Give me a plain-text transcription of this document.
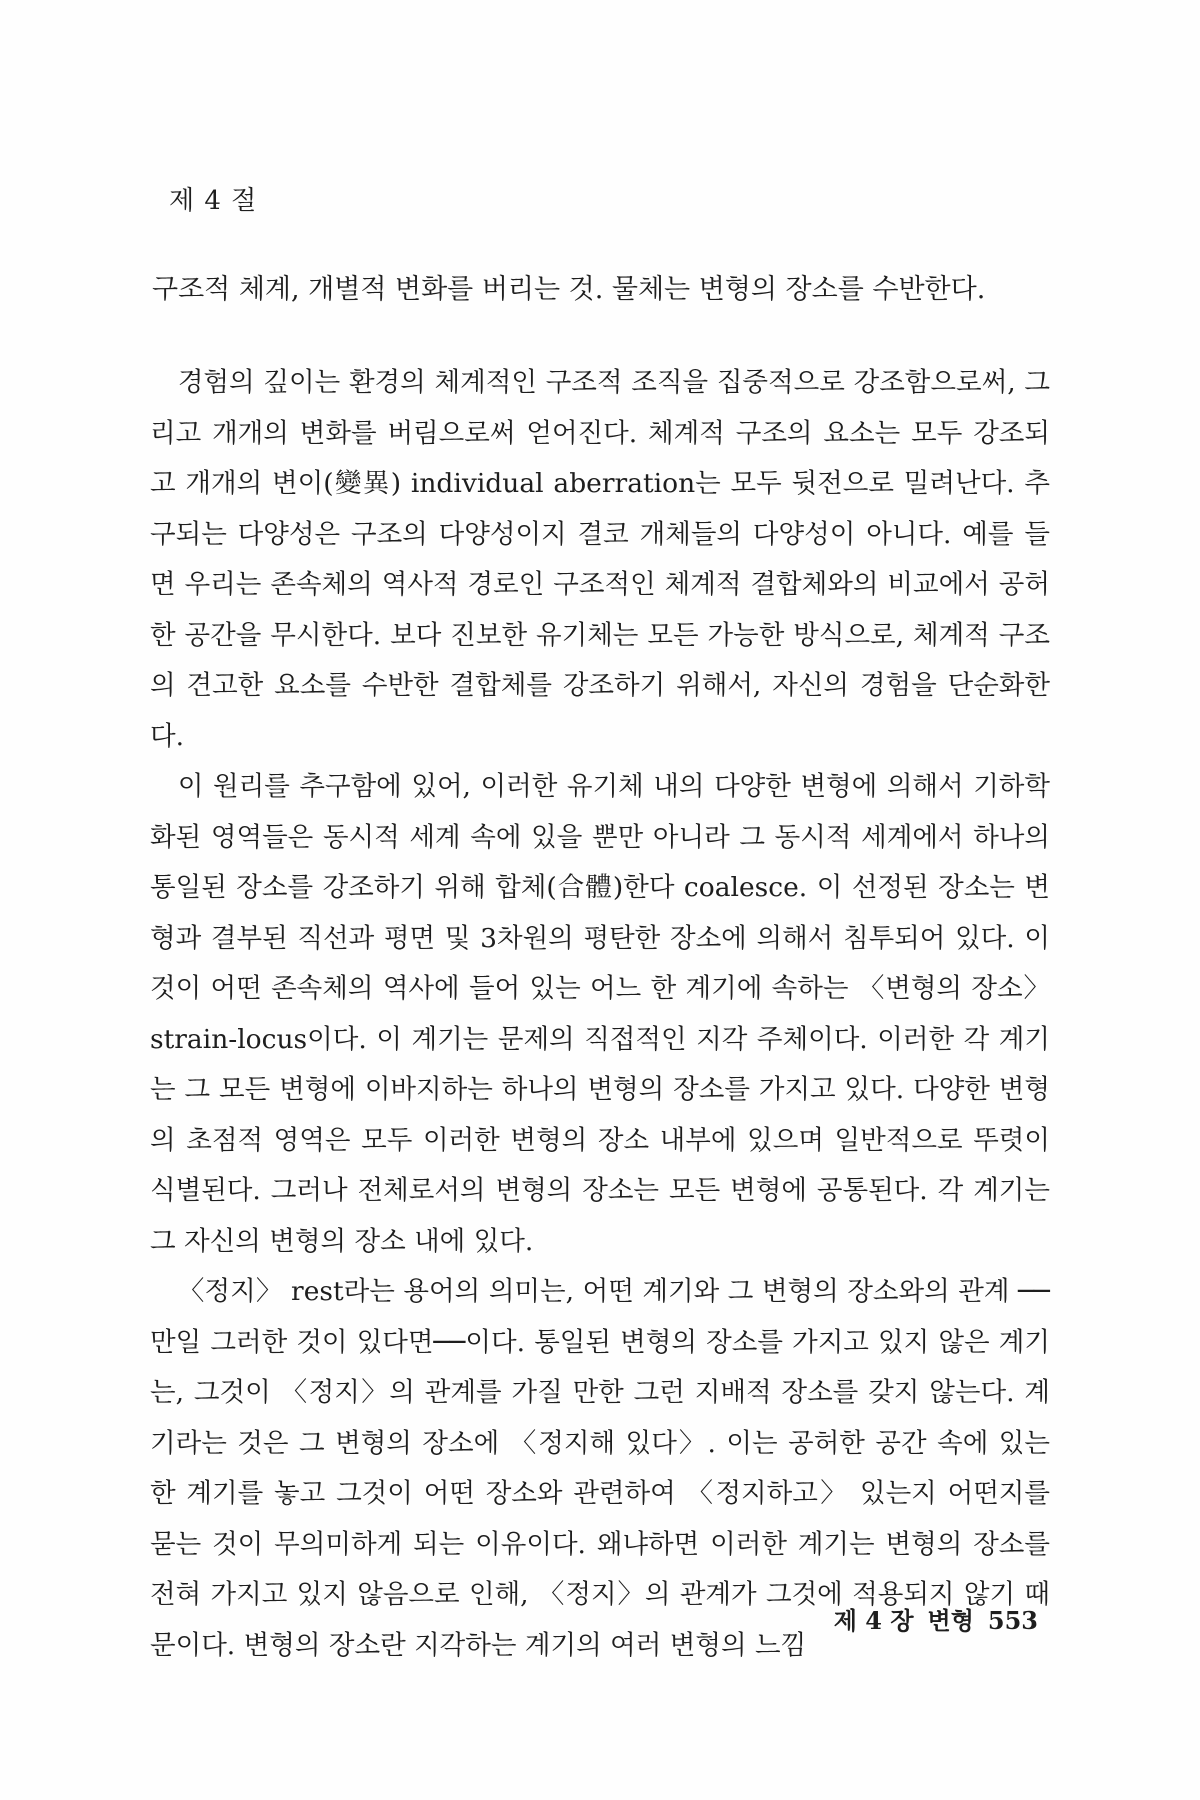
제 4 절
구조적 체계, 개별적 변화를 버리는 것. 물체는 변형의 장소를 수반한다.

경험의 깊이는 환경의 체계적인 구조적 조직을 집중적으로 강조함으로써, 그리고 개개의 변화를 버림으로써 얻어진다. 체계적 구조의 요소는 모두 강조되고 개개의 변이(變異) individual aberration는 모두 뒷전으로 밀려난다. 추구되는 다양성은 구조의 다양성이지 결코 개체들의 다양성이 아니다. 예를 들면 우리는 존속체의 역사적 경로인 구조적인 체계적 결합체와의 비교에서 공허한 공간을 무시한다. 보다 진보한 유기체는 모든 가능한 방식으로, 체계적 구조의 견고한 요소를 수반한 결합체를 강조하기 위해서, 자신의 경험을 단순화한다.

이 원리를 추구함에 있어, 이러한 유기체 내의 다양한 변형에 의해서 기하학화된 영역들은 동시적 세계 속에 있을 뿐만 아니라 그 동시적 세계에서 하나의 통일된 장소를 강조하기 위해 합체(合體)한다 coalesce. 이 선정된 장소는 변형과 결부된 직선과 평면 및 3차원의 평탄한 장소에 의해서 침투되어 있다. 이것이 어떤 존속체의 역사에 들어 있는 어느 한 계기에 속하는 〈변형의 장소〉 strain-locus이다. 이 계기는 문제의 직접적인 지각 주체이다. 이러한 각 계기는 그 모든 변형에 이바지하는 하나의 변형의 장소를 가지고 있다. 다양한 변형의 초점적 영역은 모두 이러한 변형의 장소 내부에 있으며 일반적으로 뚜렷이 식별된다. 그러나 전체로서의 변형의 장소는 모든 변형에 공통된다. 각 계기는 그 자신의 변형의 장소 내에 있다.

〈정지〉 rest라는 용어의 의미는, 어떤 계기와 그 변형의 장소와의 관계 ──만일 그러한 것이 있다면──이다. 통일된 변형의 장소를 가지고 있지 않은 계기는, 그것이 〈정지〉의 관계를 가질 만한 그런 지배적 장소를 갖지 않는다. 계기라는 것은 그 변형의 장소에 〈정지해 있다〉. 이는 공허한 공간 속에 있는 한 계기를 놓고 그것이 어떤 장소와 관련하여 〈정지하고〉 있는지 어떤지를 묻는 것이 무의미하게 되는 이유이다. 왜냐하면 이러한 계기는 변형의 장소를 전혀 가지고 있지 않음으로 인해, 〈정지〉의 관계가 그것에 적용되지 않기 때문이다. 변형의 장소란 지각하는 계기의 여러 변형의 느낌

제 4 장 변형 553
